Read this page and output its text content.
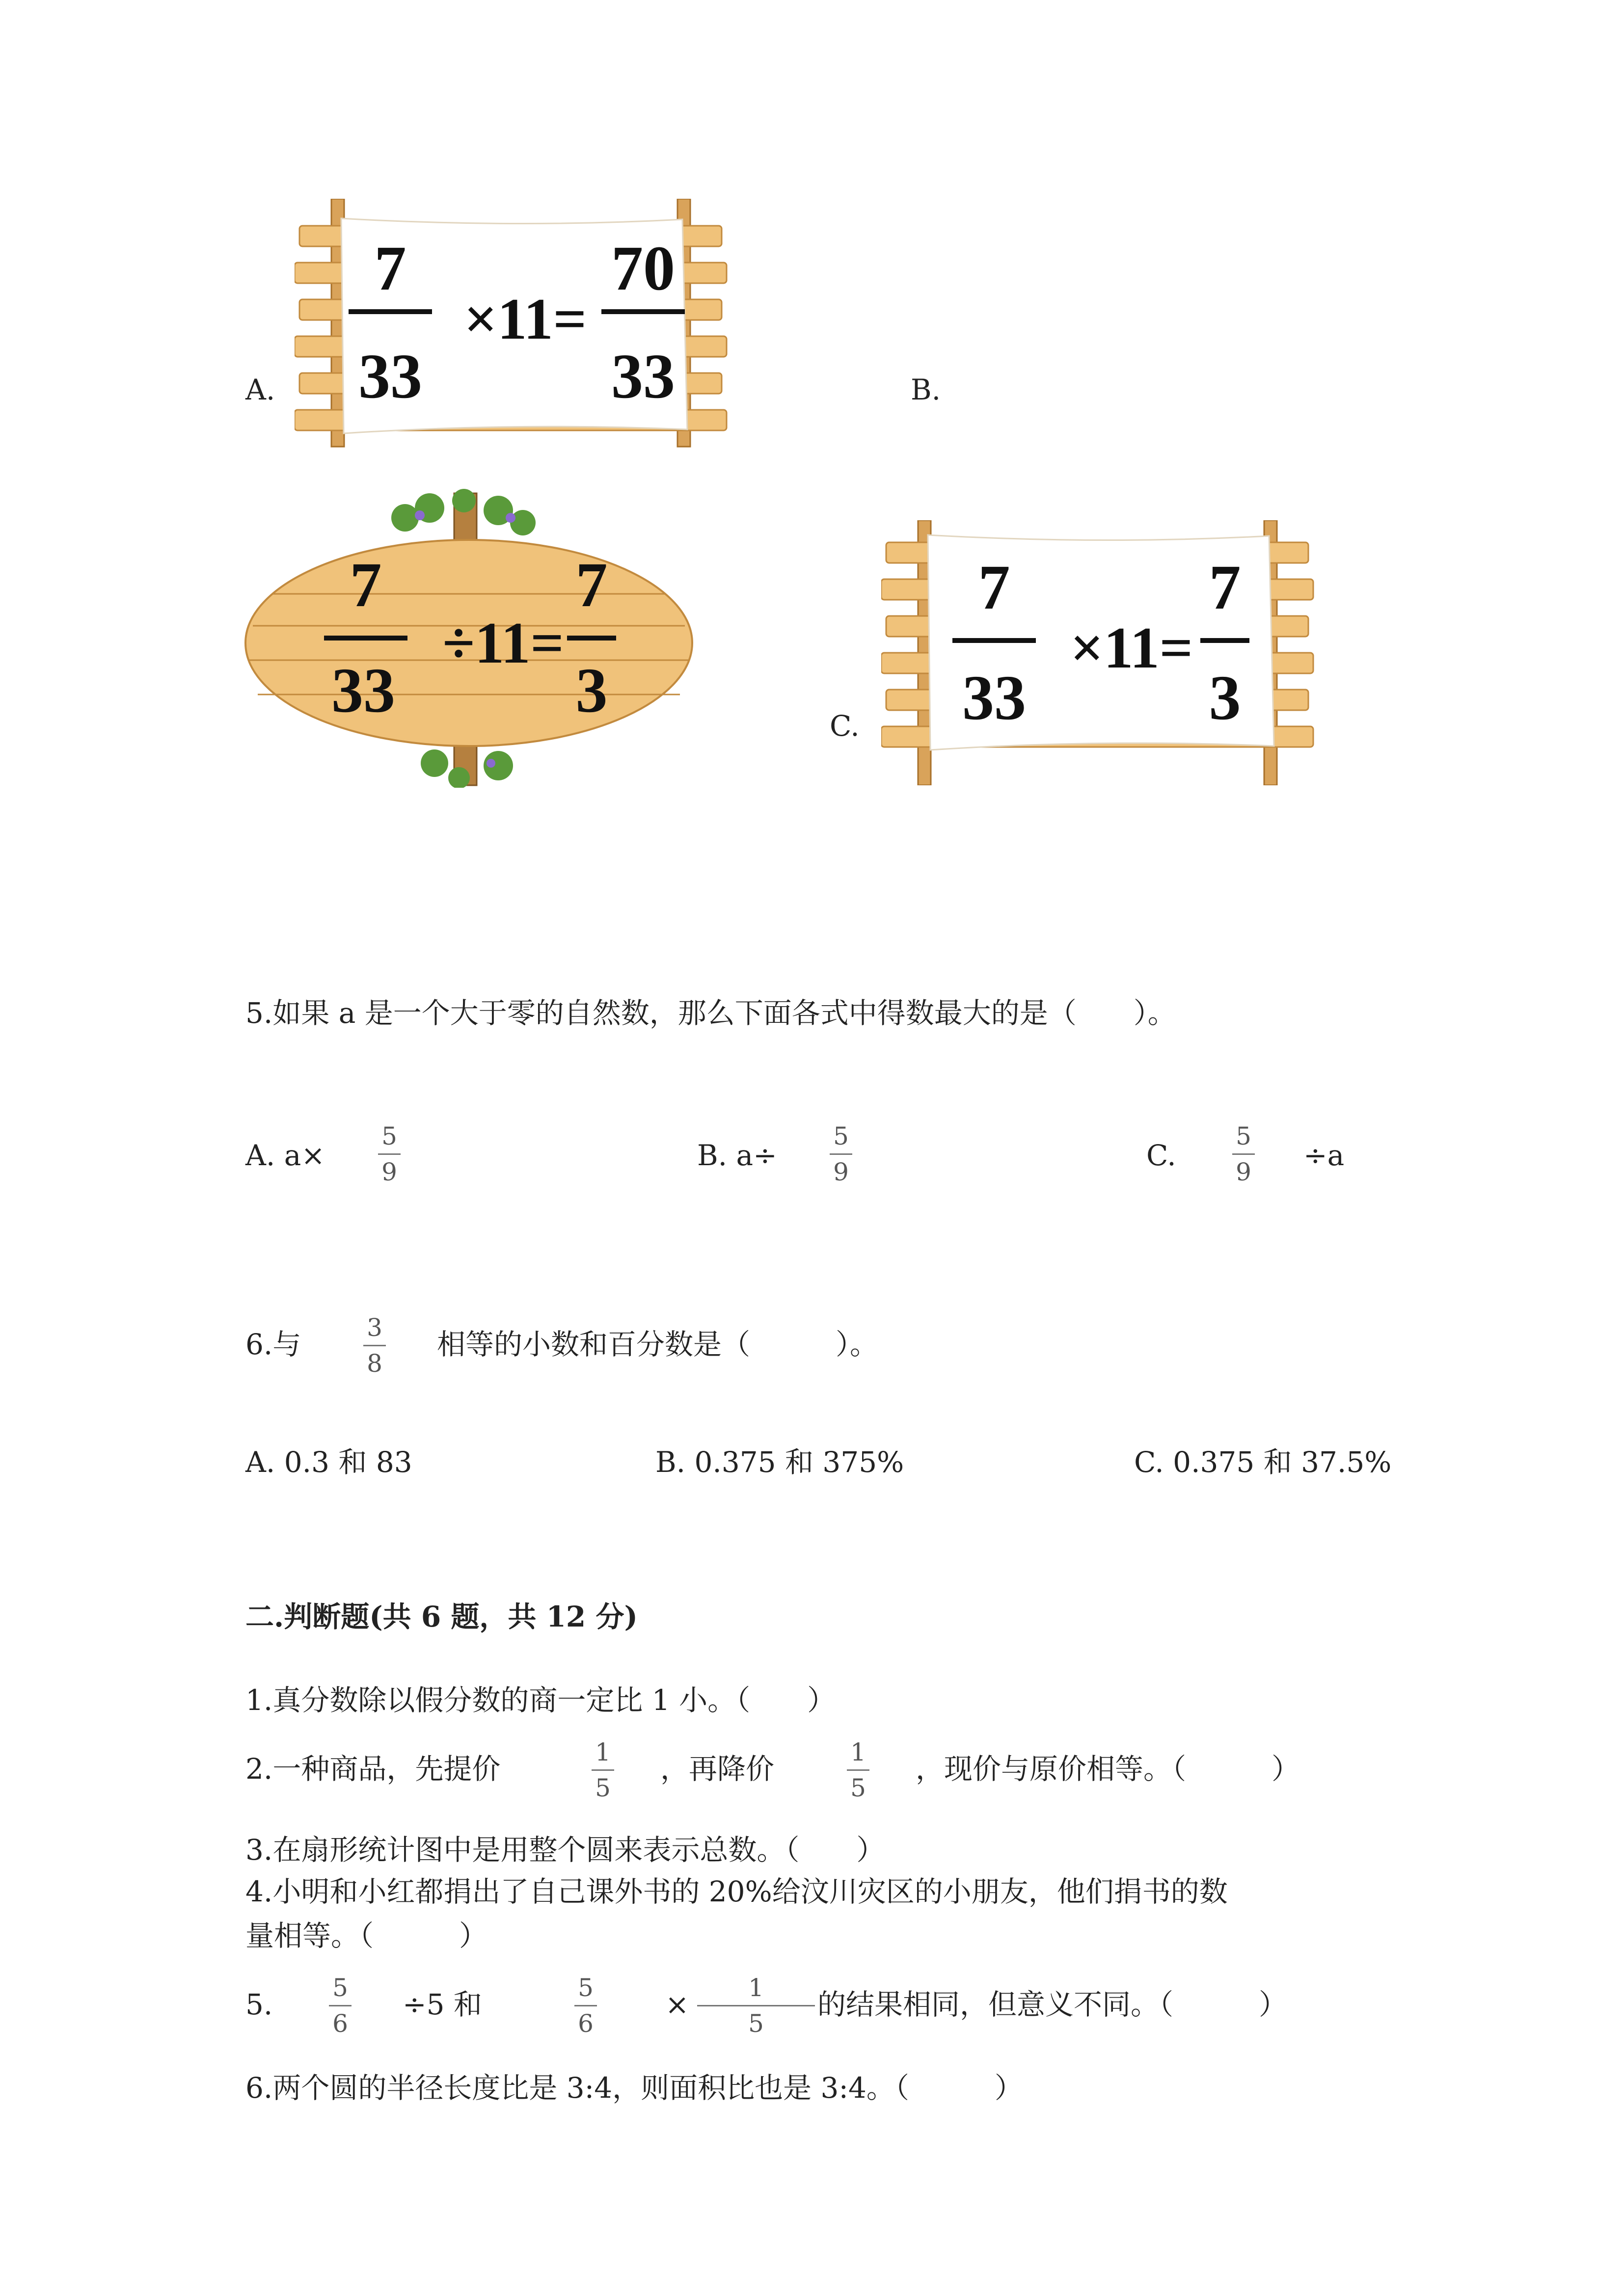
A.
7
33
×11=
70
33	B.
7
33
÷11=
7
3	C.
7
33
×11=
7
3
5.如果 a 是一个大于零的自然数，那么下面各式中得数最大的是（　　）。
A. a×
5
9	B. a÷
5
9	C.
5
9 ÷a
6.与	3
8
相等的小数和百分数是（　　　）。
A. 0.3 和 83	B. 0.375 和 375%	C. 0.375 和 37.5%
二.判断题(共 6 题，共 12 分)
1.真分数除以假分数的商一定比 1 小。（　　）
2.一种商品，先提价	1
5
，再降价	1
5
，现价与原价相等。（　　　）
3.在扇形统计图中是用整个圆来表示总数。（　　）
4.小明和小红都捐出了自己课外书的 20%给汶川灾区的小朋友，他们捐书的数
量相等。（　　　）
5. 5
6
÷5 和	5
6
× 1
5
的结果相同，但意义不同。（　　　）
6.两个圆的半径长度比是 3:4，则面积比也是 3:4。（　　　）
